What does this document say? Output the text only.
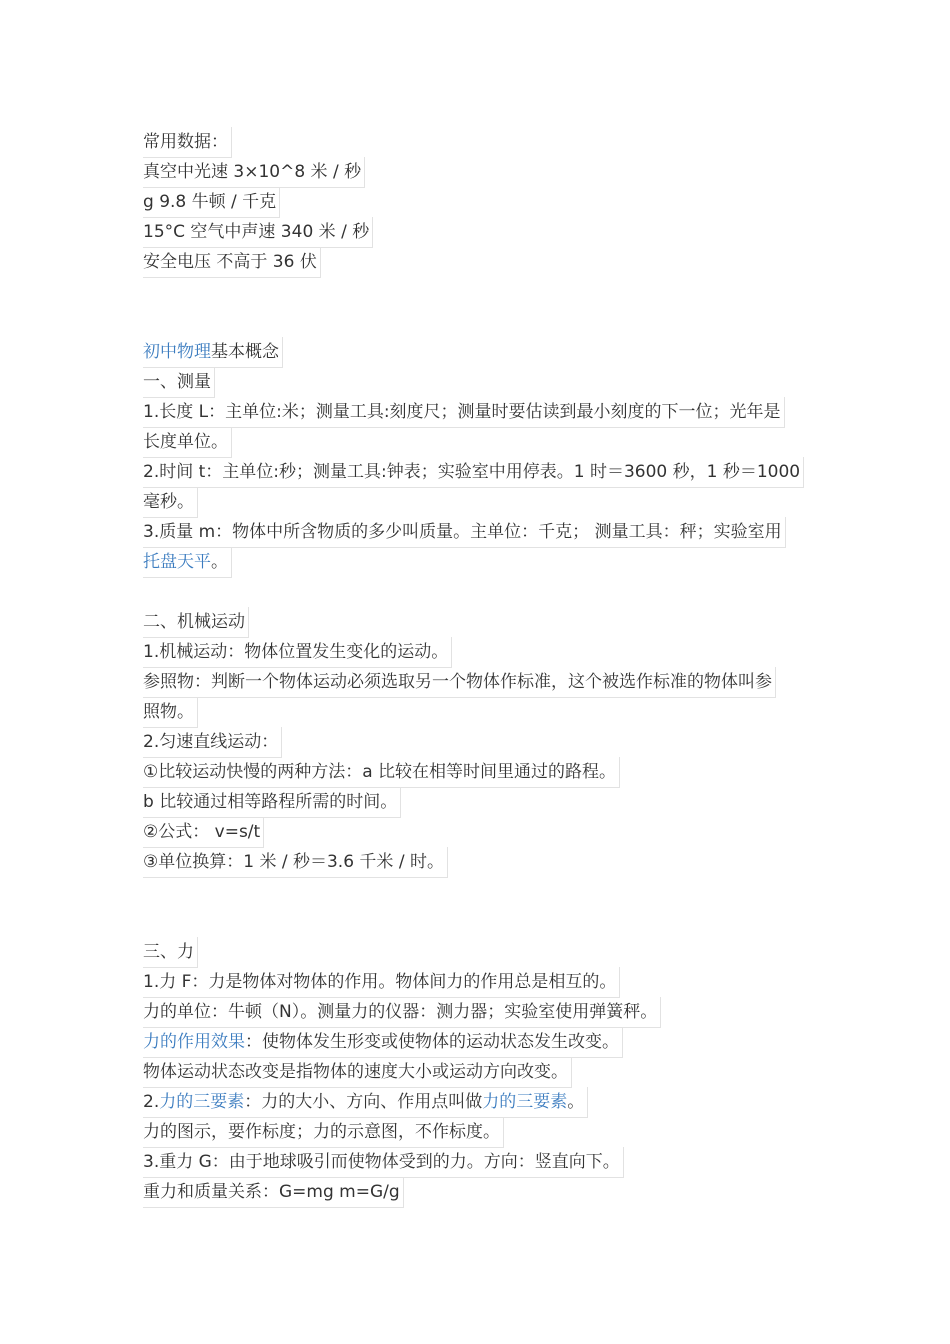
常用数据：
真空中光速 3×10^8 米 / 秒
g 9.8 牛顿 / 千克
15°C 空气中声速 340 米 / 秒
安全电压 不高于 36 伏
初中物理基本概念
一、测量
1.长度 L：主单位:米；测量工具:刻度尺；测量时要估读到最小刻度的下一位；光年是
长度单位。
2.时间 t：主单位:秒；测量工具:钟表；实验室中用停表。1 时＝3600 秒，1 秒＝1000
毫秒。
3.质量 m：物体中所含物质的多少叫质量。主单位：千克； 测量工具：秤；实验室用
托盘天平。
二、机械运动
1.机械运动：物体位置发生变化的运动。
参照物：判断一个物体运动必须选取另一个物体作标准，这个被选作标准的物体叫参
照物。
2.匀速直线运动：
①比较运动快慢的两种方法：a 比较在相等时间里通过的路程。
b 比较通过相等路程所需的时间。
②公式： v=s/t
③单位换算：1 米 / 秒＝3.6 千米 / 时。
三、力
1.力 F：力是物体对物体的作用。物体间力的作用总是相互的。
力的单位：牛顿（N）。测量力的仪器：测力器；实验室使用弹簧秤。
力的作用效果：使物体发生形变或使物体的运动状态发生改变。
物体运动状态改变是指物体的速度大小或运动方向改变。
2.力的三要素：力的大小、方向、作用点叫做力的三要素。
力的图示，要作标度；力的示意图，不作标度。
3.重力 G：由于地球吸引而使物体受到的力。方向：竖直向下。
重力和质量关系：G=mg m=G/g
